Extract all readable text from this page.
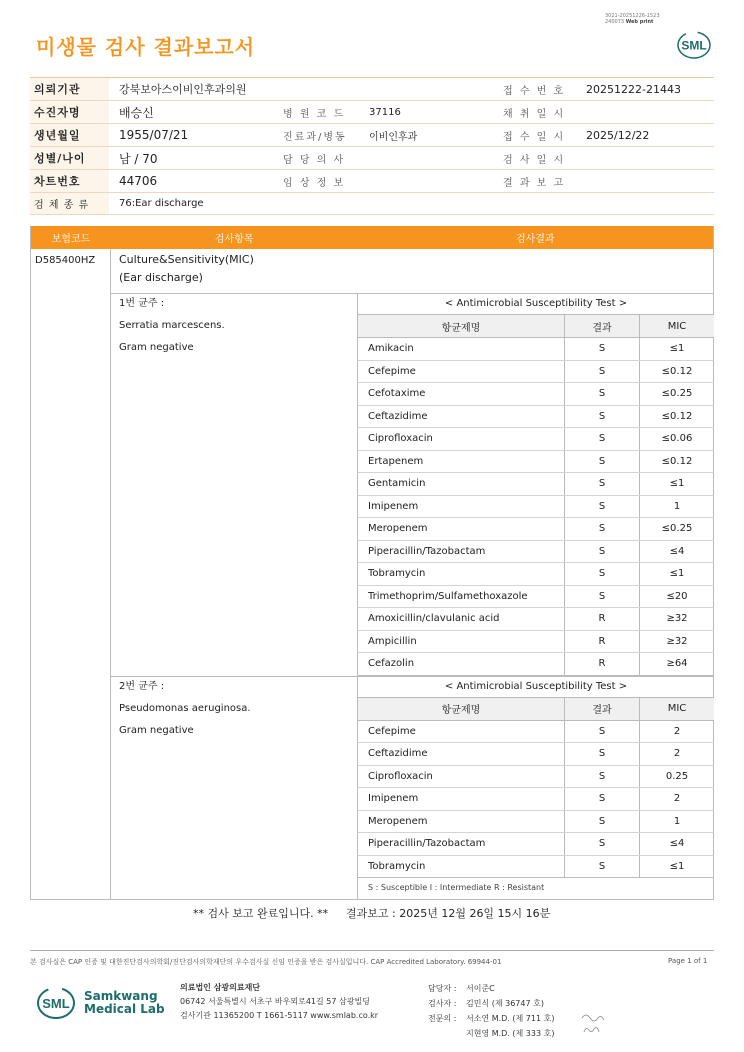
3021-20251226-1523
240073 Web print
미생물 검사 결과보고서	SML
의뢰기관	강북보아스이비인후과의원	접 수 번 호	20251222-21443
수진자명	배승신	병 원 코 드	37116	채 취 일 시
생년월일	1955/07/21	진료과/병동	이비인후과	접 수 일 시	2025/12/22
성별/나이	남 / 70	담 당 의 사	검 사 일 시
차트번호	44706	임 상 정 보	결 과 보 고
검 체 종 류	76:Ear discharge
보험코드	검사항목	검사결과
D585400HZ Culture&Sensitivity(MIC)
(Ear discharge)
1번 균주 :
Serratia marcescens.
Gram negative
< Antimicrobial Susceptibility Test >
항균제명	결과	MIC
Amikacin	S	≤1
Cefepime	S	≤0.12
Cefotaxime	S	≤0.25
Ceftazidime	S	≤0.12
Ciprofloxacin	S	≤0.06
Ertapenem	S	≤0.12
Gentamicin	S	≤1
Imipenem	S	1
Meropenem	S	≤0.25
Piperacillin/Tazobactam	S	≤4
Tobramycin	S	≤1
Trimethoprim/Sulfamethoxazole	S	≤20
Amoxicillin/clavulanic acid	R	≥32
Ampicillin	R	≥32
Cefazolin	R	≥64
2번 균주 :
Pseudomonas aeruginosa.
Gram negative
< Antimicrobial Susceptibility Test >
항균제명	결과	MIC
Cefepime	S	2
Ceftazidime	S	2
Ciprofloxacin	S	0.25
Imipenem	S	2
Meropenem	S	1
Piperacillin/Tazobactam	S	≤4
Tobramycin	S	≤1
S : Susceptible I : Intermediate R : Resistant
** 검사 보고 완료입니다. ** 결과보고 : 2025년 12월 26일 15시 16분
본 검사실은 CAP 인증 및 대한진단검사의학회/진단검사의학재단의 우수검사실 신임 인증을 받은 검사실입니다. CAP Accredited Laboratory. 69944-01	Page 1 of 1
SML Samkwang
Medical Lab
의료법인 삼광의료재단
06742 서울특별시 서초구 바우뫼로41길 57 삼광빌딩
검사기관 11365200 T 1661-5117 www.smlab.co.kr
담당자 :	서이준C
검사자 :	김민식 (제 36747 호)
전문의 :	서소연 M.D. (제 711 호)
지현영 M.D. (제 333 호)
